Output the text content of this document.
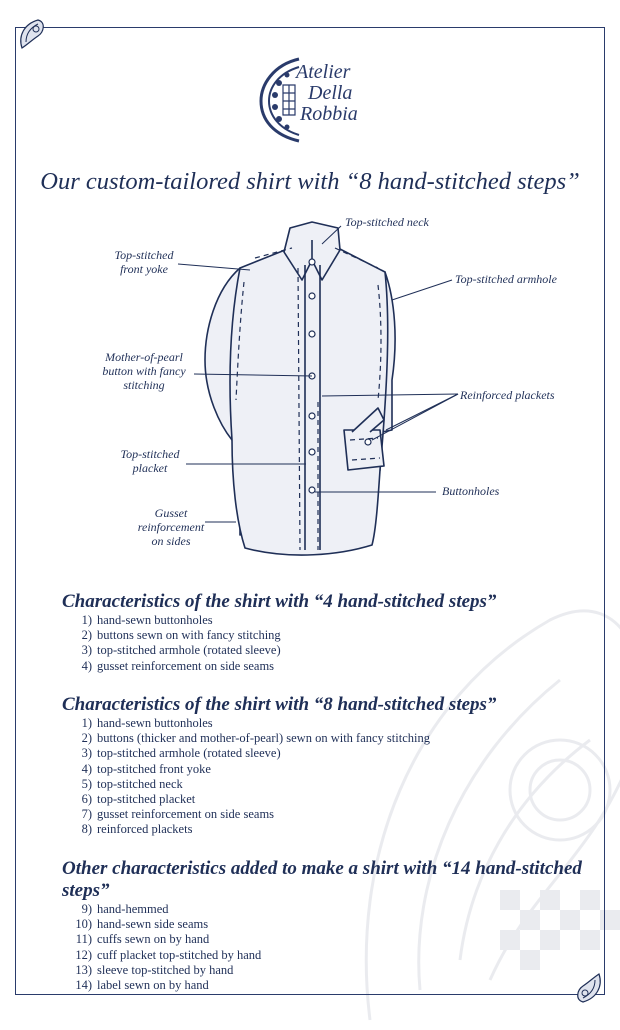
Atelier
Della
Robbia
Our custom-tailored shirt with “8 hand-stitched steps”
Top-stitched neck
Top-stitched
front yoke
Top-stitched armhole
Mother-of-pearl
button with fancy
stitching
Reinforced plackets
Top-stitched
placket
Buttonholes
Gusset
reinforcement
on sides
Characteristics of the shirt with “4 hand-stitched steps”
1) hand-sewn buttonholes
2) buttons sewn on with fancy stitching
3) top-stitched armhole (rotated sleeve)
4) gusset reinforcement on side seams
Characteristics of the shirt with “8 hand-stitched steps”
1) hand-sewn buttonholes
2) buttons (thicker and mother-of-pearl) sewn on with fancy stitching
3) top-stitched armhole (rotated sleeve)
4) top-stitched front yoke
5) top-stitched neck
6) top-stitched placket
7) gusset reinforcement on side seams
8) reinforced plackets
Other characteristics added to make a shirt with “14 hand-stitched steps”
9) hand-hemmed
10) hand-sewn side seams
11) cuffs sewn on by hand
12) cuff placket top-stitched by hand
13) sleeve top-stitched by hand
14) label sewn on by hand
